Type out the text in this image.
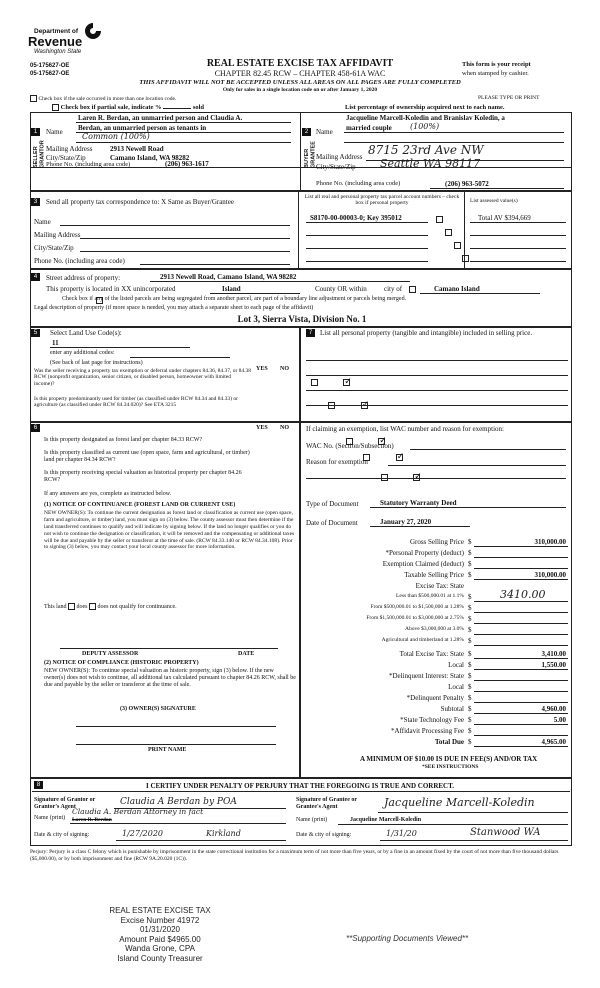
Department of
Revenue
Washington State
05-175627-OE
05-175627-OE
REAL ESTATE EXCISE TAX AFFIDAVIT
CHAPTER 82.45 RCW – CHAPTER 458-61A WAC
THIS AFFIDAVIT WILL NOT BE ACCEPTED UNLESS ALL AREAS ON ALL PAGES ARE FULLY COMPLETED
Only for sales in a single location code on or after January 1, 2020
This form is your receipt
when stamped by cashier.
PLEASE TYPE OR PRINT
Check box if the sale occurred in more than one location code.
Check box if partial sale, indicate %	sold	List percentage of ownership acquired next to each name.
1
SELLER GRANTOR
Name
Laren R. Berdan, an unmarried person and Claudia A.
Berdan, an unmarried person as tenants in
Common (100%)
Mailing Address	2913 Newell Road
City/State/Zip	Camano Island, WA 98282
Phone No. (including area code)	(206) 963-1617
2
BUYER GRANTEE
Name
Jacqueline Marcell-Koledin and Branislav Koledin, a
married couple (100%)
Mailing Address 8715 23rd Ave NW
City/State/Zip Seattle WA 98117
Phone No. (including area code)	(206) 963-5072
3	Send all property tax correspondence to: X Same as Buyer/Grantee
Name
Mailing Address
City/State/Zip
Phone No. (including area code)
List all real and personal property tax parcel account numbers – check box if personal property	List assessed value(s)
S8170-00-00003-0; Key 395012	Total AV $394,669

4	Street address of property:	2913 Newell Road, Camano Island, WA 98282
This property is located in XX unincorporated	Island	County OR within
city of	Camano Island

Check box if any of the listed parcels are being segregated from another parcel, are part of a boundary line adjustment or parcels being merged.
Legal description of property (if more space is needed, you may attach a separate sheet to each page of the affidavit)
Lot 3, Sierra Vista, Division No. 1
5	Select Land Use Code(s):
11
enter any additional codes:
(See back of last page for instructions)
YES NO
Was the seller receiving a property tax exemption or deferral under chapters 84.36, 84.37, or 84.38 RCW (nonprofit organization, senior citizen, or disabled person, homeowner with limited income)?
✓
Is this property predominantly used for timber (as classified under RCW 84.34 and 84.33) or agriculture (as classified under RCW 84.34.020)? See ETA 3215
✓
6	YES NO
Is this property designated as forest land per chapter 84.33 RCW?
✓
Is this property classified as current use (open space, farm and agricultural, or timber) land per chapter 84.34 RCW?
✓
Is this property receiving special valuation as historical property per chapter 84.26 RCW?
✓
If any answers are yes, complete as instructed below.
(1) NOTICE OF CONTINUANCE (FOREST LAND OR CURRENT USE)
NEW OWNER(S): To continue the current designation as forest land or classification as current use (open space, farm and agriculture, or timber) land, you must sign on (3) below. The county assessor must then determine if the land transferred continues to qualify and will indicate by signing below. If the land no longer qualifies or you do not wish to continue the designation or classification, it will be removed and the compensating or additional taxes will be due and payable by the seller or transferor at the time of sale. (RCW 84.33.140 or RCW 84.34.108). Prior to signing (3) below, you may contact your local county assessor for more information.
This land does does not qualify for continuance.
DEPUTY ASSESSOR	DATE
(2) NOTICE OF COMPLIANCE (HISTORIC PROPERTY)
NEW OWNER(S): To continue special valuation as historic property, sign (3) below. If the new owner(s) does not wish to continue, all additional tax calculated pursuant to chapter 84.26 RCW, shall be due and payable by the seller or transferor at the time of sale.
(3) OWNER(S) SIGNATURE
PRINT NAME
7	List all personal property (tangible and intangible) included in selling price.
If claiming an exemption, list WAC number and reason for exemption:
WAC No. (Section/Subsection)
Reason for exemption
Type of Document	Statutory Warranty Deed
Date of Document	January 27, 2020
Gross Selling Price $	310,000.00
*Personal Property (deduct) $
Exemption Claimed (deduct) $
Taxable Selling Price $	310,000.00
Excise Tax: State
Less than $500,000.01 at 1.1% $	3410.00
From $500,000.01 to $1,500,000 at 1.28% $
From $1,500,000.01 to $3,000,000 at 2.75% $
Above $3,000,000 at 3.0% $
Agricultural and timberland at 1.28% $
Total Excise Tax: State $	3,410.00
Local $	1,550.00
*Delinquent Interest: State $
Local $
*Delinquent Penalty $
Subtotal $	4,960.00
*State Technology Fee $	5.00
*Affidavit Processing Fee $
Total Due $	4,965.00
A MINIMUM OF $10.00 IS DUE IN FEE(S) AND/OR TAX
*SEE INSTRUCTIONS
8	I CERTIFY UNDER PENALTY OF PERJURY THAT THE FOREGOING IS TRUE AND CORRECT.
Signature of Grantor or Grantor's Agent	Claudia A Berdan by POA
Name (print)
Claudia A. Berdan Attorney in fact
Laren R. Berdan
Date & city of signing:	1/27/2020	Kirkland
Signature of Grantee or Grantee's Agent	Jacqueline Marcell-Koledin
Name (print)	Jacqueline Marcell-Koledin
Date & city of signing:	1/31/20	Stanwood WA
Perjury: Perjury is a class C felony which is punishable by imprisonment in the state correctional institution for a maximum term of not more than five years, or by a fine in an amount fixed by the court of not more than five thousand dollars ($5,000.00), or by both imprisonment and fine (RCW 9A.20.020 (1C)).
REAL ESTATE EXCISE TAX
Excise Number 41972
01/31/2020
Amount Paid $4965.00
Wanda Grone, CPA
Island County Treasurer
**Supporting Documents Viewed**
